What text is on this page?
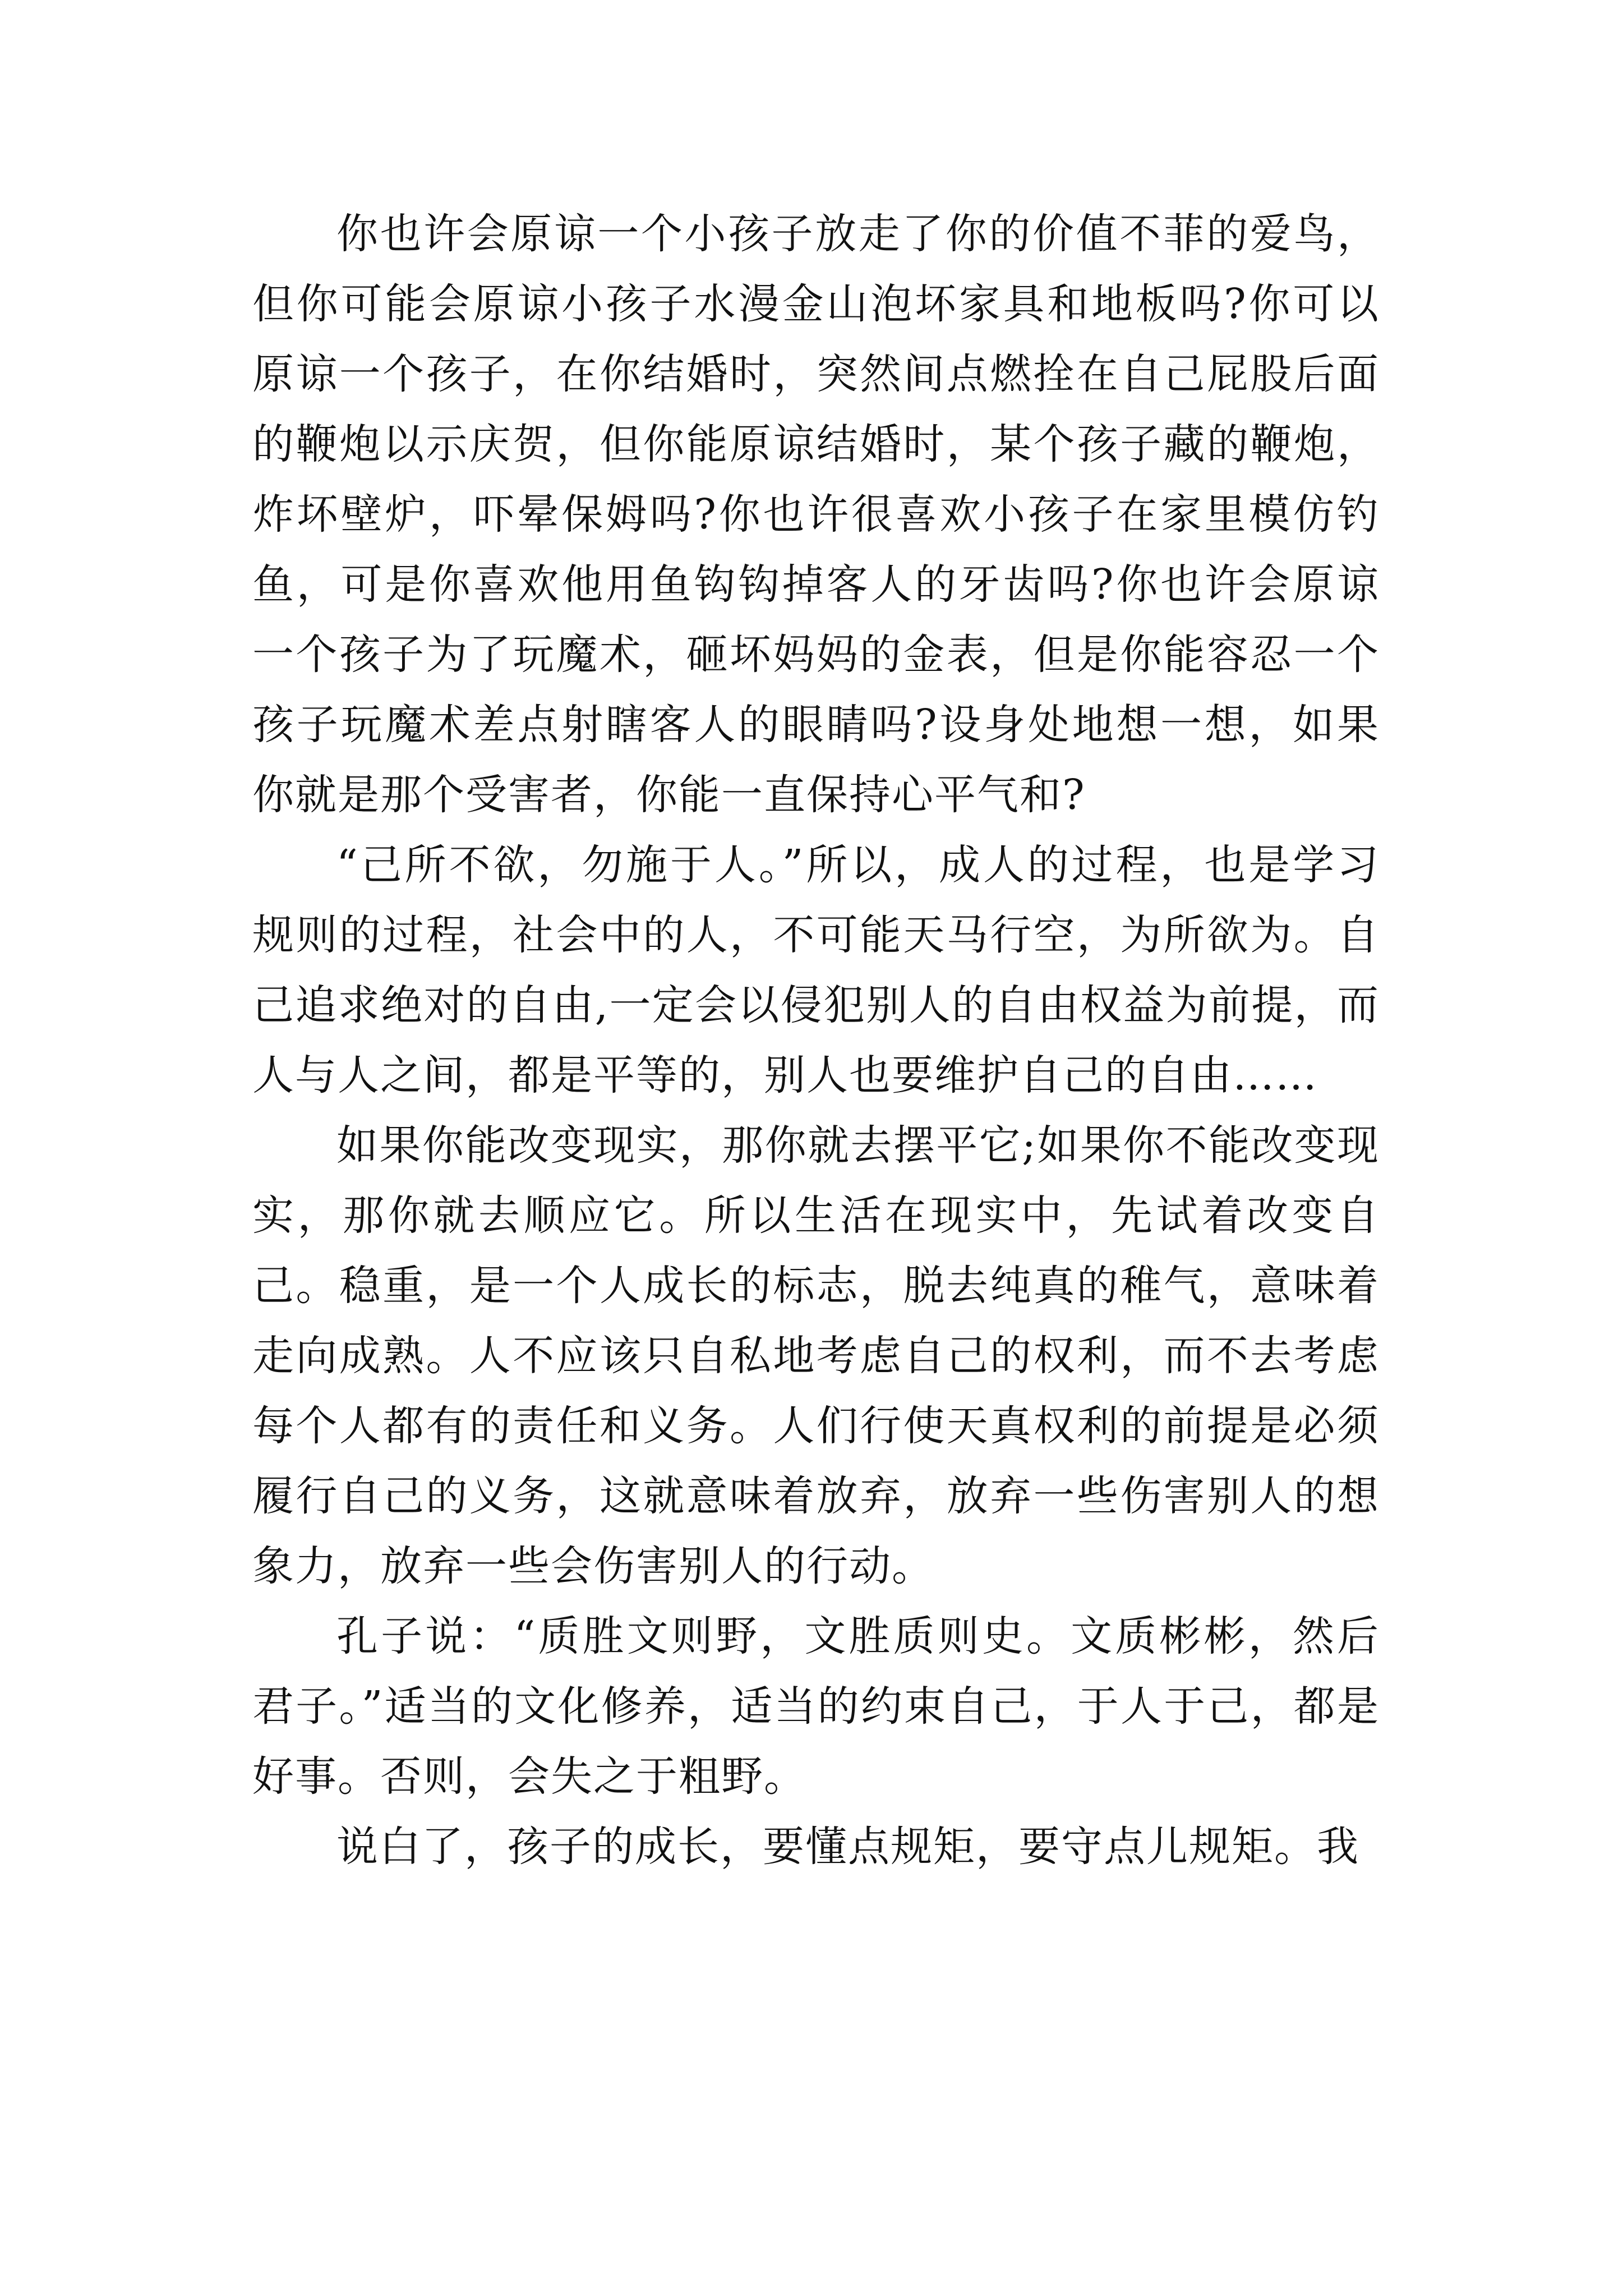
你也许会原谅一个小孩子放走了你的价值不菲的爱鸟，但你可能会原谅小孩子水漫金山泡坏家具和地板吗?你可以原谅一个孩子，在你结婚时，突然间点燃拴在自己屁股后面的鞭炮以示庆贺，但你能原谅结婚时，某个孩子藏的鞭炮，炸坏壁炉，吓晕保姆吗?你也许很喜欢小孩子在家里模仿钓鱼，可是你喜欢他用鱼钩钩掉客人的牙齿吗?你也许会原谅一个孩子为了玩魔术，砸坏妈妈的金表，但是你能容忍一个孩子玩魔术差点射瞎客人的眼睛吗?设身处地想一想，如果你就是那个受害者，你能一直保持心平气和?

“己所不欲，勿施于人。”所以，成人的过程，也是学习规则的过程，社会中的人，不可能天马行空，为所欲为。自己追求绝对的自由,一定会以侵犯别人的自由权益为前提，而人与人之间，都是平等的，别人也要维护自己的自由……

如果你能改变现实，那你就去摆平它;如果你不能改变现实，那你就去顺应它。所以生活在现实中，先试着改变自己。稳重，是一个人成长的标志，脱去纯真的稚气，意味着走向成熟。人不应该只自私地考虑自己的权利，而不去考虑每个人都有的责任和义务。人们行使天真权利的前提是必须履行自己的义务，这就意味着放弃，放弃一些伤害别人的想象力，放弃一些会伤害别人的行动。

孔子说：“质胜文则野，文胜质则史。文质彬彬，然后君子。”适当的文化修养，适当的约束自己，于人于己，都是好事。否则，会失之于粗野。

说白了，孩子的成长，要懂点规矩，要守点儿规矩。我
